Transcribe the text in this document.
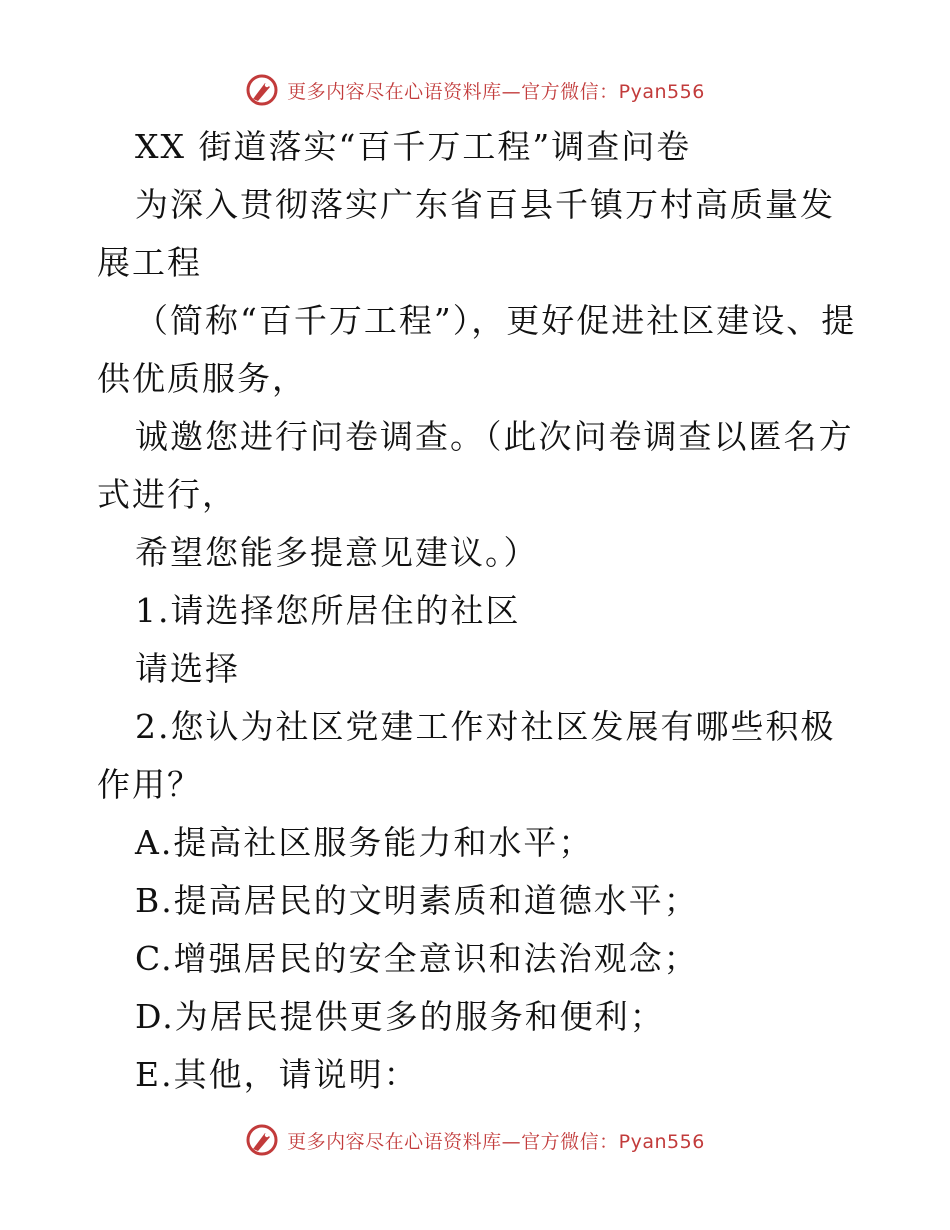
更多内容尽在心语资料库—官方微信：Pyan556

XX 街道落实“百千万工程”调查问卷

为深入贯彻落实广东省百县千镇万村高质量发展工程

（简称“百千万工程”），更好促进社区建设、提供优质服务，

诚邀您进行问卷调查。（此次问卷调查以匿名方式进行，

希望您能多提意见建议。）

1.请选择您所居住的社区

请选择

2.您认为社区党建工作对社区发展有哪些积极作用？

A.提高社区服务能力和水平；

B.提高居民的文明素质和道德水平；

C.增强居民的安全意识和法治观念；

D.为居民提供更多的服务和便利；

E.其他，请说明：

更多内容尽在心语资料库—官方微信：Pyan556
